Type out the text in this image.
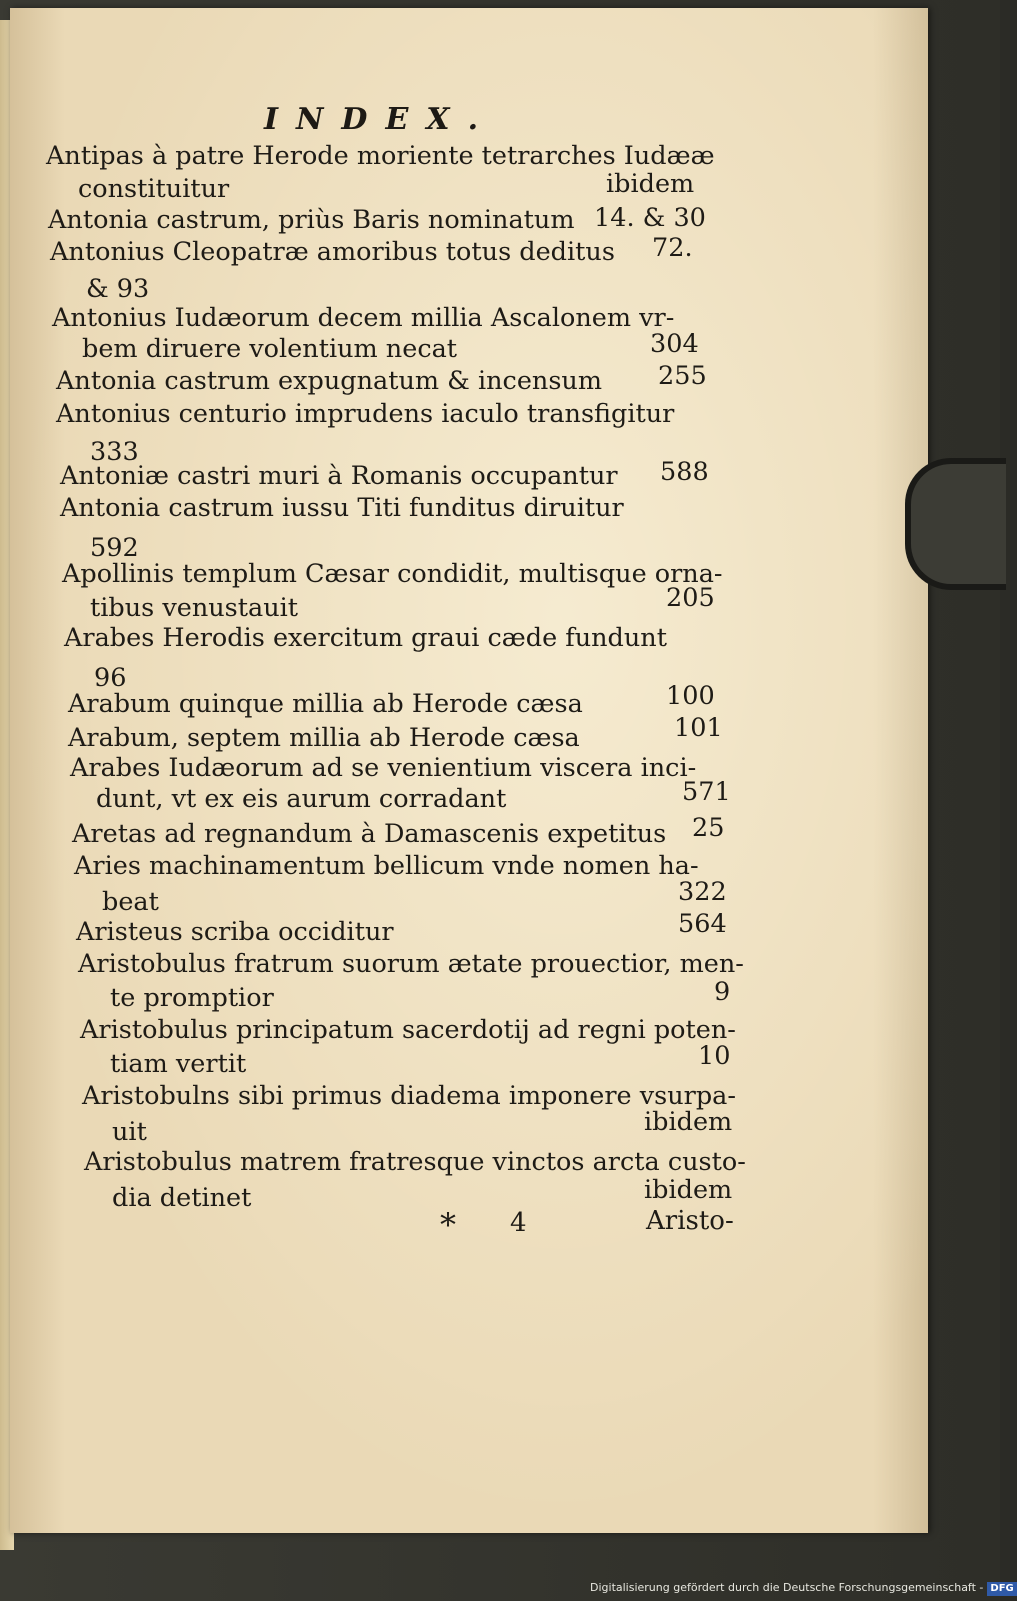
INDEX.
Antipas à patre Herode moriente tetrarches Iudææ
constituitur	ibidem
Antonia castrum, priùs Baris nominatum 14. & 30
Antonius Cleopatræ amoribus totus deditus 72.
& 93
Antonius Iudæorum decem millia Ascalonem vr-
bem diruere volentium necat	304
Antonia castrum expugnatum & incensum 255
Antonius centurio imprudens iaculo transfigitur
333
Antoniæ castri muri à Romanis occupantur 588
Antonia castrum iussu Titi funditus diruitur
592
Apollinis templum Cæsar condidit, multisque orna-
tibus venustauit	205
Arabes Herodis exercitum graui cæde fundunt
96
Arabum quinque millia ab Herode cæsa	100
Arabum, septem millia ab Herode cæsa	101
Arabes Iudæorum ad se venientium viscera inci-
dunt, vt ex eis aurum corradant	571
Aretas ad regnandum à Damascenis expetitus 25
Aries machinamentum bellicum vnde nomen ha-
beat	322
Aristeus scriba occiditur	564
Aristobulus fratrum suorum ætate prouectior, men-
te promptior	9
Aristobulus principatum sacerdotij ad regni poten-
tiam vertit	10
Aristobulns sibi primus diadema imponere vsurpa-
uit	ibidem
Aristobulus matrem fratresque vinctos arcta custo-
dia detinet	ibidem
* 4	Aristo-
Digitalisierung gefördert durch die Deutsche Forschungsgemeinschaft - DFG
